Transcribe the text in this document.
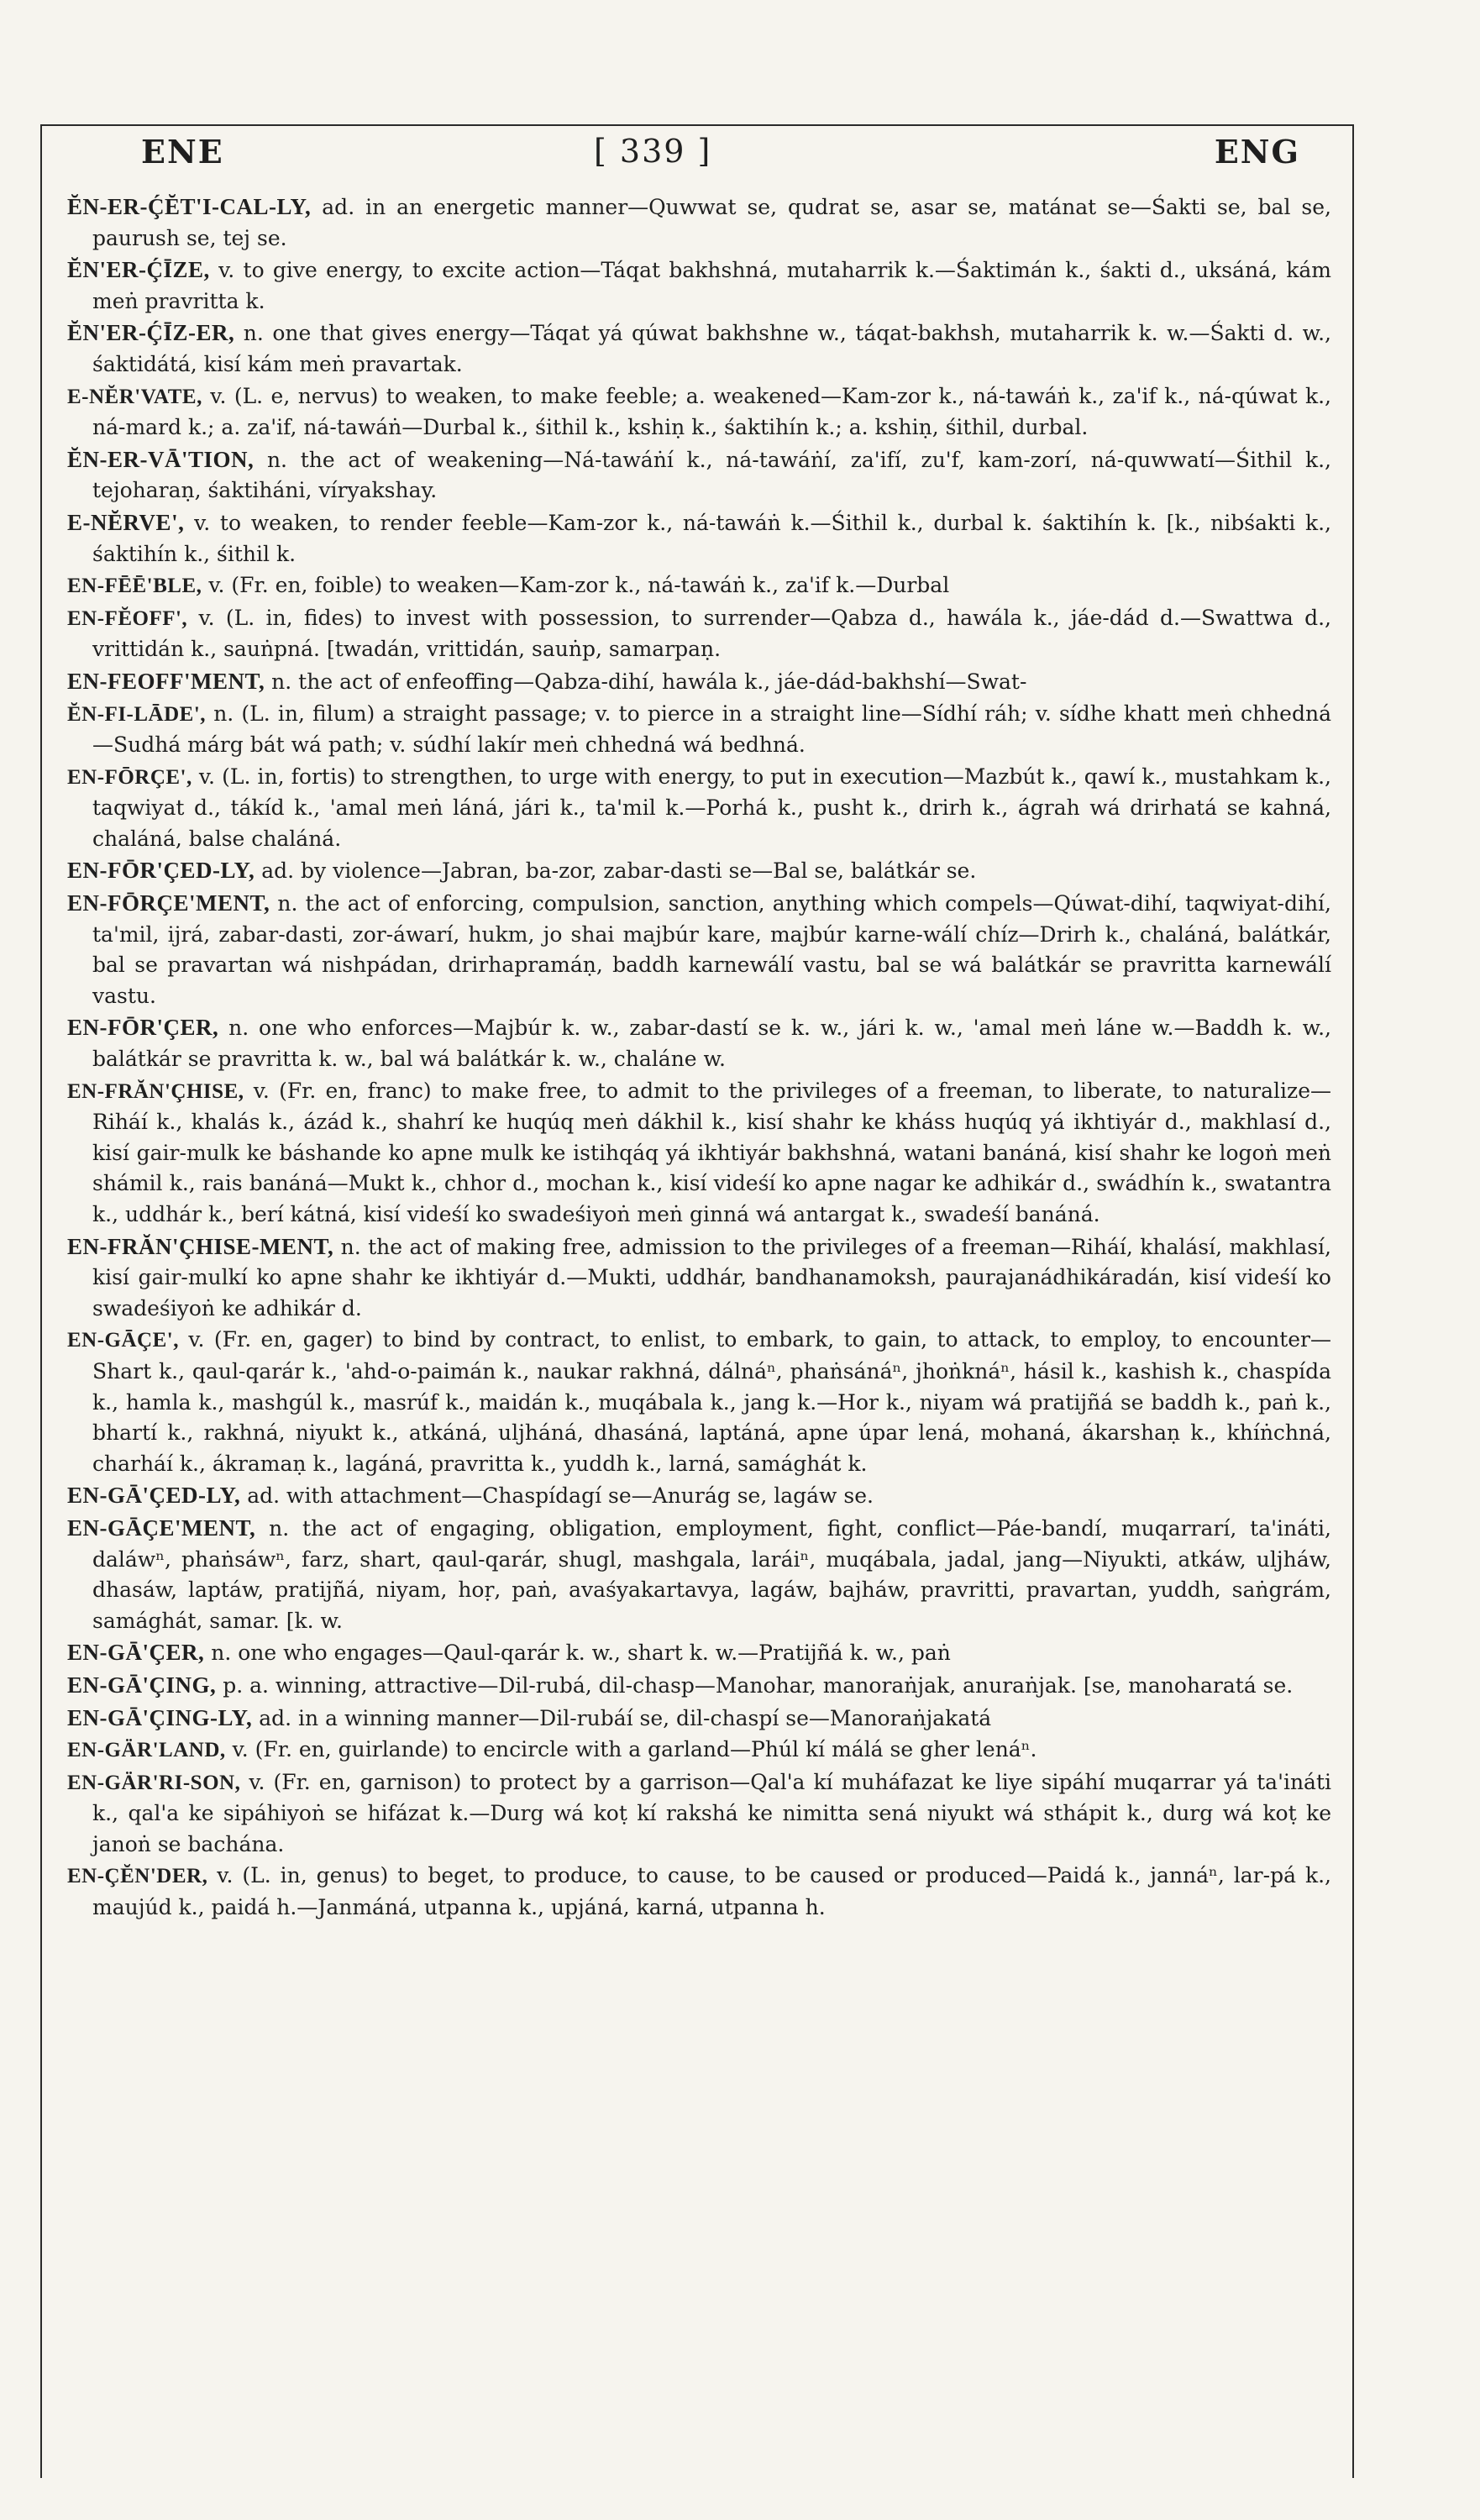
ENE	[ 339 ]	ENG

ĔN-ER-ḈĔT'I-CAL-LY, ad. in an energetic manner—Quwwat se, qudrat se, asar se, matánat se—Śakti se, bal se, paurush se, tej se.

ĔN'ER-ḈĪZE, v. to give energy, to excite action—Táqat bakhshná, mutaharrik k.—Śaktimán k., śakti d., uksáná, kám meṅ pravritta k.

ĔN'ER-ḈĪZ-ER, n. one that gives energy—Táqat yá qúwat bakhshne w., táqat-bakhsh, mutaharrik k. w.—Śakti d. w., śaktidátá, kisí kám meṅ pravartak.

E-NĔR'VATE, v. (L. e, nervus) to weaken, to make feeble; a. weakened—Kam-zor k., ná-tawáṅ k., za'if k., ná-qúwat k., ná-mard k.; a. za'if, ná-tawáṅ—Durbal k., śithil k., kshiṇ k., śaktihín k.; a. kshiṇ, śithil, durbal.

ĔN-ER-VĀ'TION, n. the act of weakening—Ná-tawáṅí k., ná-tawáṅí, za'ifí, zu'f, kam-zorí, ná-quwwatí—Śithil k., tejoharaṇ, śaktiháni, víryakshay.

E-NĔRVE', v. to weaken, to render feeble—Kam-zor k., ná-tawáṅ k.—Śithil k., durbal k. śaktihín k. [k., nibśakti k., śaktihín k., śithil k.

EN-FĒĒ'BLE, v. (Fr. en, foible) to weaken—Kam-zor k., ná-tawáṅ k., za'if k.—Durbal

EN-FĔOFF', v. (L. in, fides) to invest with possession, to surrender—Qabza d., hawála k., jáe-dád d.—Swattwa d., vrittidán k., sauṅpná. [twadán, vrittidán, sauṅp, samarpaṇ.

EN-FEOFF'MENT, n. the act of enfeoffing—Qabza-dihí, hawála k., jáe-dád-bakhshí—Swat-

ĔN-FI-LĀDE', n. (L. in, filum) a straight passage; v. to pierce in a straight line—Sídhí ráh; v. sídhe khatt meṅ chhedná—Sudhá márg bát wá path; v. súdhí lakír meṅ chhedná wá bedhná.

EN-FŌRÇE', v. (L. in, fortis) to strengthen, to urge with energy, to put in execution—Mazbút k., qawí k., mustahkam k., taqwiyat d., tákíd k., 'amal meṅ láná, jári k., ta'mil k.—Porhá k., pusht k., drirh k., ágrah wá drirhatá se kahná, chaláná, balse chaláná.

EN-FŌR'ÇED-LY, ad. by violence—Jabran, ba-zor, zabar-dasti se—Bal se, balátkár se.

EN-FŌRÇE'MENT, n. the act of enforcing, compulsion, sanction, anything which compels—Qúwat-dihí, taqwiyat-dihí, ta'mil, ijrá, zabar-dasti, zor-áwarí, hukm, jo shai majbúr kare, majbúr karne-wálí chíz—Drirh k., chaláná, balátkár, bal se pravartan wá nishpádan, drirhapramáṇ, baddh karnewálí vastu, bal se wá balátkár se pravritta karnewálí vastu.

EN-FŌR'ÇER, n. one who enforces—Majbúr k. w., zabar-dastí se k. w., jári k. w., 'amal meṅ láne w.—Baddh k. w., balátkár se pravritta k. w., bal wá balátkár k. w., chaláne w.

EN-FRĂN'ÇHISE, v. (Fr. en, franc) to make free, to admit to the privileges of a freeman, to liberate, to naturalize—Riháí k., khalás k., ázád k., shahrí ke huqúq meṅ dákhil k., kisí shahr ke kháss huqúq yá ikhtiyár d., makhlasí d., kisí gair-mulk ke báshande ko apne mulk ke istihqáq yá ikhtiyár bakhshná, watani banáná, kisí shahr ke logoṅ meṅ shámil k., rais banáná—Mukt k., chhor d., mochan k., kisí videśí ko apne nagar ke adhikár d., swádhín k., swatantra k., uddhár k., berí kátná, kisí videśí ko swadeśiyoṅ meṅ ginná wá antargat k., swadeśí banáná.

EN-FRĂN'ÇHISE-MENT, n. the act of making free, admission to the privileges of a freeman—Riháí, khalásí, makhlasí, kisí gair-mulkí ko apne shahr ke ikhtiyár d.—Mukti, uddhár, bandhanamoksh, paurajanádhikáradán, kisí videśí ko swadeśiyoṅ ke adhikár d.

EN-GĀÇE', v. (Fr. en, gager) to bind by contract, to enlist, to embark, to gain, to attack, to employ, to encounter—Shart k., qaul-qarár k., 'ahd-o-paimán k., naukar rakhná, dálnáⁿ, phaṅsánáⁿ, jhoṅknáⁿ, hásil k., kashish k., chaspída k., hamla k., mashgúl k., masrúf k., maidán k., muqábala k., jang k.—Hor k., niyam wá pratijñá se baddh k., paṅ k., bhartí k., rakhná, niyukt k., atkáná, uljháná, dhasáná, laptáná, apne úpar lená, mohaná, ákarshaṇ k., khíṅchná, charháí k., ákramaṇ k., lagáná, pravritta k., yuddh k., larná, samághát k.

EN-GĀ'ÇED-LY, ad. with attachment—Chaspídagí se—Anurág se, lagáw se.

EN-GĀÇE'MENT, n. the act of engaging, obligation, employment, fight, conflict—Páe-bandí, muqarrarí, ta'ináti, daláwⁿ, phaṅsáwⁿ, farz, shart, qaul-qarár, shugl, mashgala, laráiⁿ, muqábala, jadal, jang—Niyukti, atkáw, uljháw, dhasáw, laptáw, pratijñá, niyam, hoṛ, paṅ, avaśyakartavya, lagáw, bajháw, pravritti, pravartan, yuddh, saṅgrám, samághát, samar. [k. w.

EN-GĀ'ÇER, n. one who engages—Qaul-qarár k. w., shart k. w.—Pratijñá k. w., paṅ

EN-GĀ'ÇING, p. a. winning, attractive—Dil-rubá, dil-chasp—Manohar, manoraṅjak, anuraṅjak. [se, manoharatá se.

EN-GĀ'ÇING-LY, ad. in a winning manner—Dil-rubáí se, dil-chaspí se—Manoraṅjakatá

EN-GÄR'LAND, v. (Fr. en, guirlande) to encircle with a garland—Phúl kí málá se gher lenáⁿ.

EN-GÄR'RI-SON, v. (Fr. en, garnison) to protect by a garrison—Qal'a kí muháfazat ke liye sipáhí muqarrar yá ta'ináti k., qal'a ke sipáhiyoṅ se hifázat k.—Durg wá koṭ kí rakshá ke nimitta sená niyukt wá sthápit k., durg wá koṭ ke janoṅ se bachána.

EN-ÇĔN'DER, v. (L. in, genus) to beget, to produce, to cause, to be caused or produced—Paidá k., jannáⁿ, lar-pá k., maujúd k., paidá h.—Janmáná, utpanna k., upjáná, karná, utpanna h.
